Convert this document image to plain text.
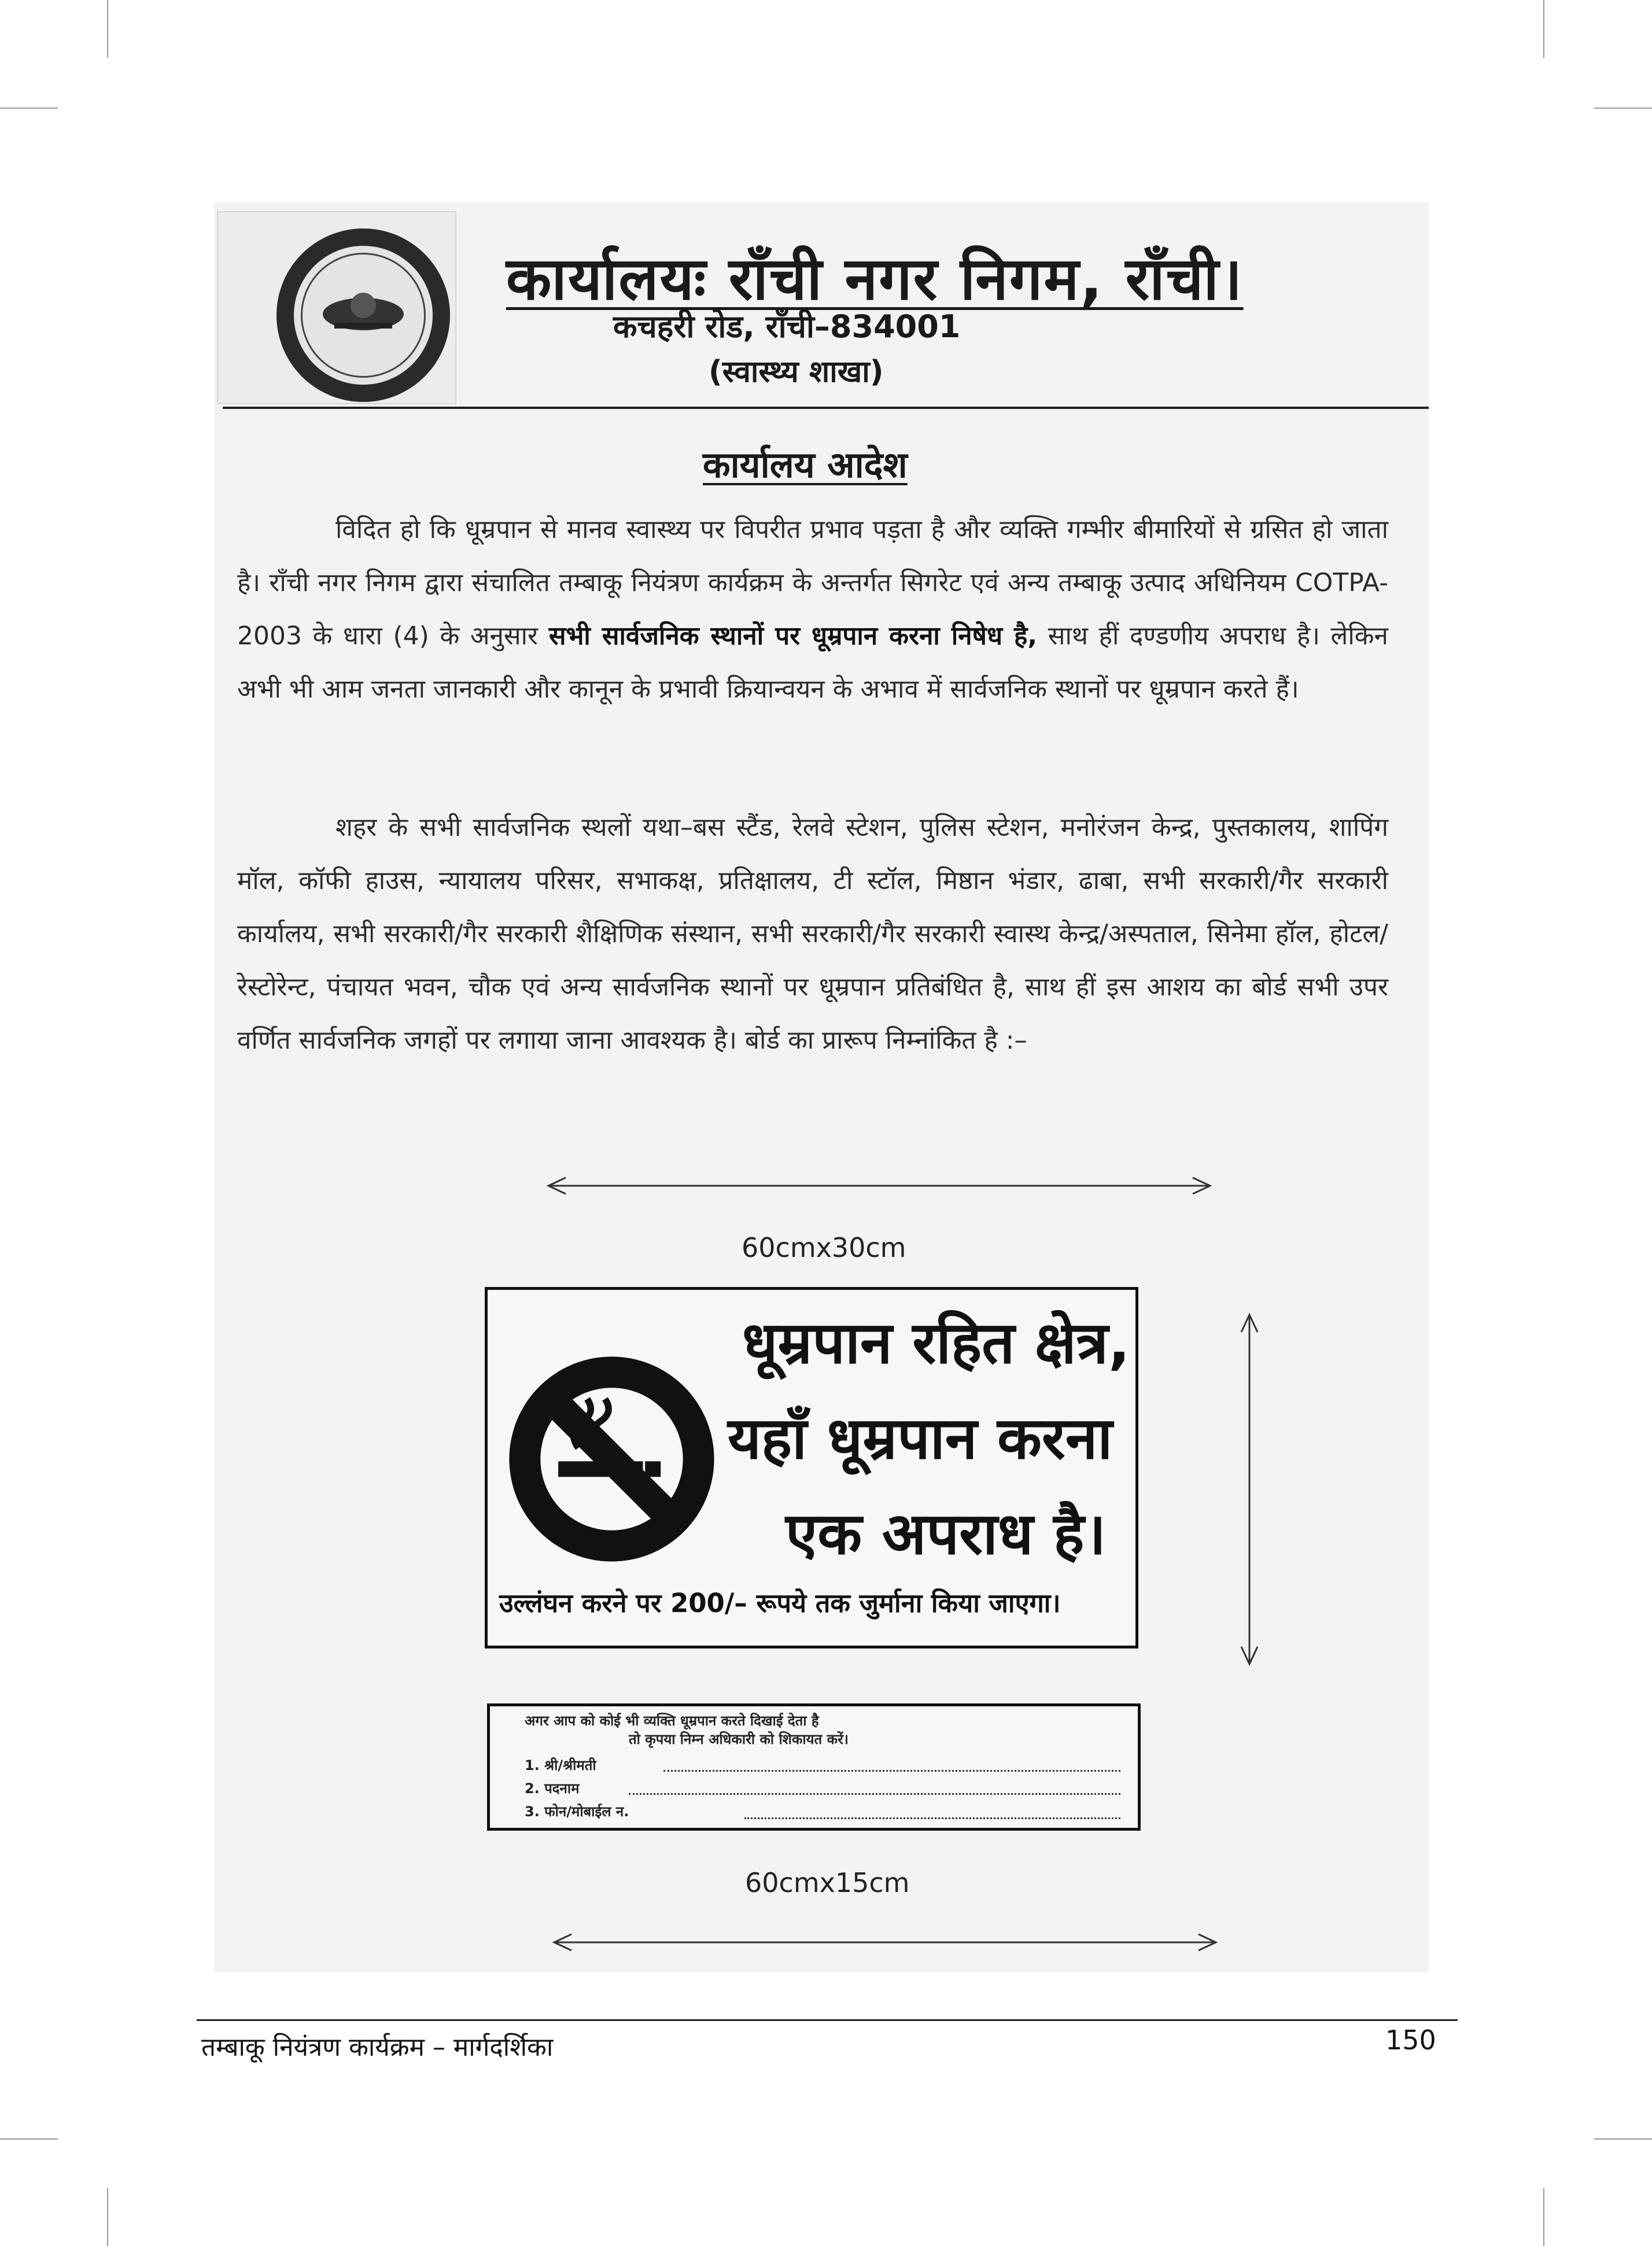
कार्यालयः राँची नगर निगम, राँची।
कचहरी रोड, राँची–834001
(स्वास्थ्य शाखा)
कार्यालय आदेश

विदित हो कि धूम्रपान से मानव स्वास्थ्य पर विपरीत प्रभाव पड़ता है और व्यक्ति गम्भीर बीमारियों से ग्रसित हो जाता है। राँची नगर निगम द्वारा संचालित तम्बाकू नियंत्रण कार्यक्रम के अन्तर्गत सिगरेट एवं अन्य तम्बाकू उत्पाद अधिनियम COTPA-2003 के धारा (4) के अनुसार सभी सार्वजनिक स्थानों पर धूम्रपान करना निषेध है, साथ हीं दण्डणीय अपराध है। लेकिन अभी भी आम जनता जानकारी और कानून के प्रभावी क्रियान्वयन के अभाव में सार्वजनिक स्थानों पर धूम्रपान करते हैं।

शहर के सभी सार्वजनिक स्थलों यथा–बस स्टैंड, रेलवे स्टेशन, पुलिस स्टेशन, मनोरंजन केन्द्र, पुस्तकालय, शापिंग मॉल, कॉफी हाउस, न्यायालय परिसर, सभाकक्ष, प्रतिक्षालय, टी स्टॉल, मिष्ठान भंडार, ढाबा, सभी सरकारी/गैर सरकारी कार्यालय, सभी सरकारी/गैर सरकारी शैक्षिणिक संस्थान, सभी सरकारी/गैर सरकारी स्वास्थ केन्द्र/अस्पताल, सिनेमा हॉल, होटल/ रेस्टोरेन्ट, पंचायत भवन, चौक एवं अन्य सार्वजनिक स्थानों पर धूम्रपान प्रतिबंधित है, साथ हीं इस आशय का बोर्ड सभी उपर वर्णित सार्वजनिक जगहों पर लगाया जाना आवश्यक है। बोर्ड का प्रारूप निम्नांकित है :–

60cmx30cm
धूम्रपान रहित क्षेत्र,
यहाँ धूम्रपान करना
एक अपराध है।
उल्लंघन करने पर 200/– रूपये तक जुर्माना किया जाएगा।
अगर आप को कोई भी व्यक्ति धूम्रपान करते दिखाई देता है
तो कृपया निम्न अधिकारी को शिकायत करें।
1. श्री/श्रीमती
2. पदनाम
3. फोन/मोबाईल न.
60cmx15cm
तम्बाकू नियंत्रण कार्यक्रम – मार्गदर्शिका	150
